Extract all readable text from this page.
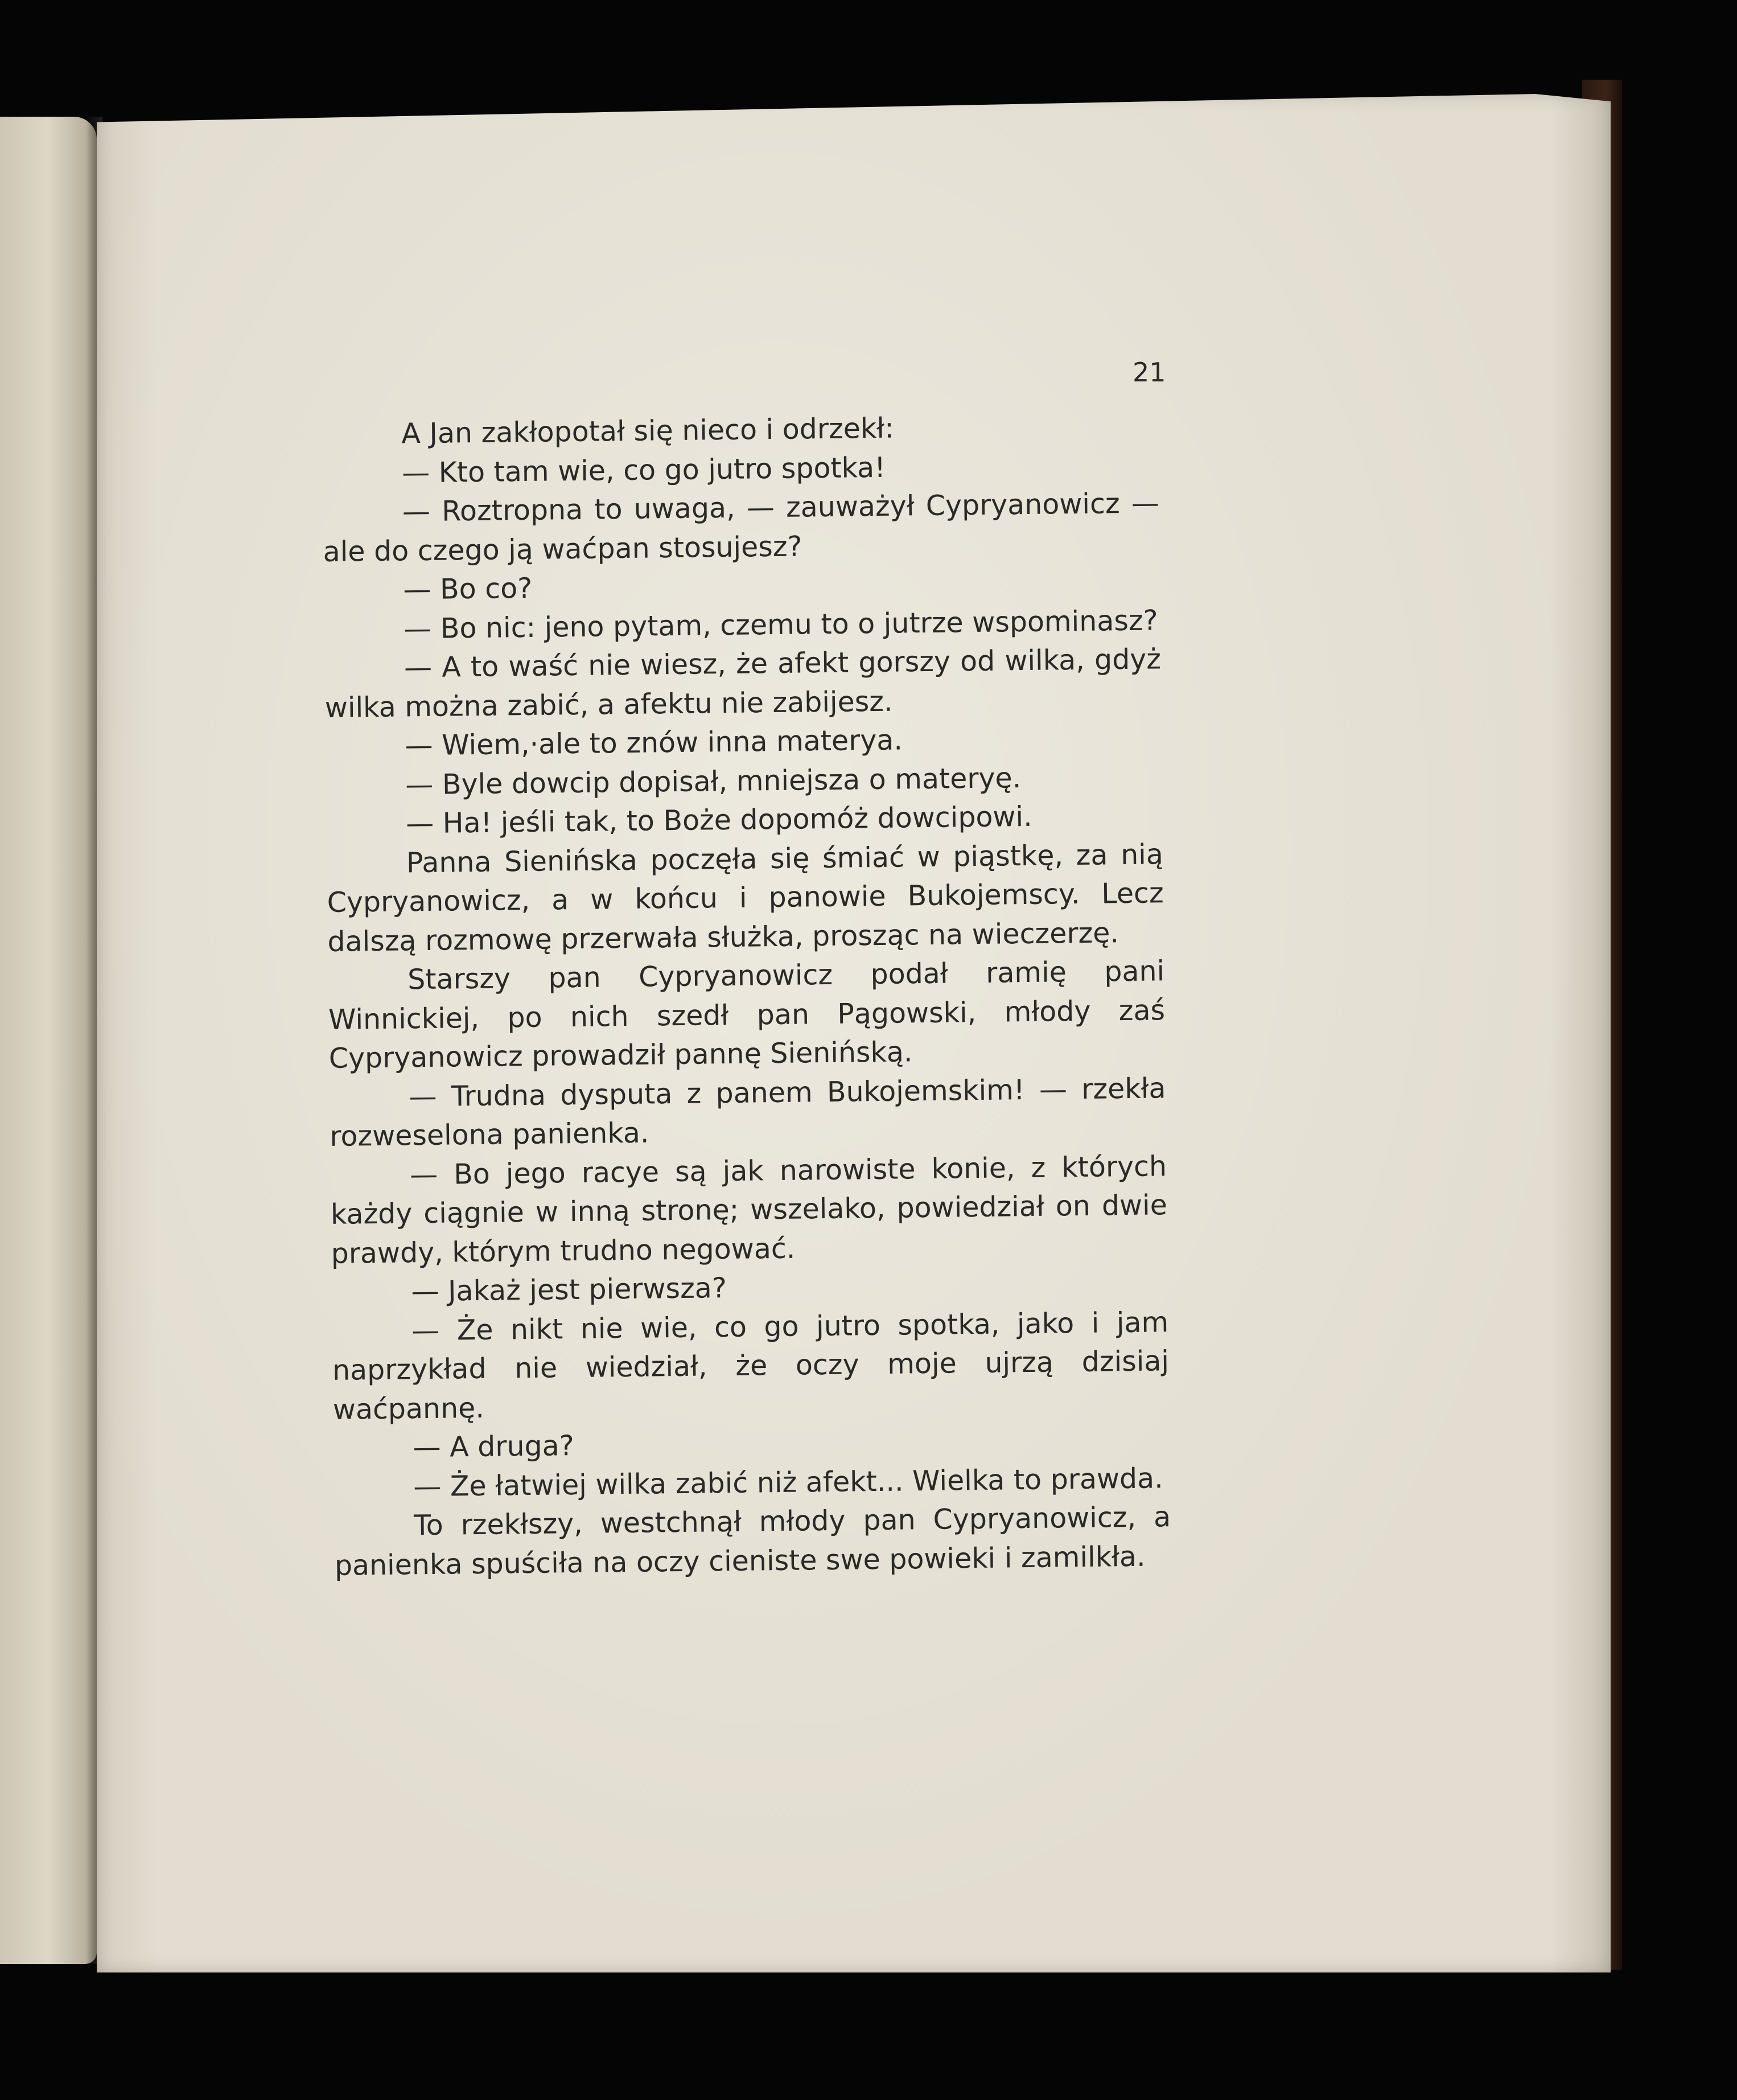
21

A Jan zakłopotał się nieco i odrzekł:

— Kto tam wie, co go jutro spotka!

— Roztropna to uwaga, — zauważył Cypryanowicz — ale do czego ją waćpan stosujesz?

— Bo co?

— Bo nic: jeno pytam, czemu to o jutrze wspominasz?

— A to waść nie wiesz, że afekt gorszy od wilka, gdyż wilka można zabić, a afektu nie zabijesz.

— Wiem,·ale to znów inna materya.

— Byle dowcip dopisał, mniejsza o materyę.

— Ha! jeśli tak, to Boże dopomóż dowcipowi.

Panna Sienińska poczęła się śmiać w piąstkę, za nią Cypryanowicz, a w końcu i panowie Bukojemscy. Lecz dalszą rozmowę przerwała służka, prosząc na wieczerzę.

Starszy pan Cypryanowicz podał ramię pani Winnickiej, po nich szedł pan Pągowski, młody zaś Cypryanowicz prowadził pannę Sienińską.

— Trudna dysputa z panem Bukojemskim! — rzekła rozweselona panienka.

— Bo jego racye są jak narowiste konie, z których każdy ciągnie w inną stronę; wszelako, powiedział on dwie prawdy, którym trudno negować.

— Jakaż jest pierwsza?

— Że nikt nie wie, co go jutro spotka, jako i jam naprzykład nie wiedział, że oczy moje ujrzą dzisiaj waćpannę.

— A druga?

— Że łatwiej wilka zabić niż afekt... Wielka to prawda.

To rzekłszy, westchnął młody pan Cypryanowicz, a panienka spuściła na oczy cieniste swe powieki i zamilkła.
